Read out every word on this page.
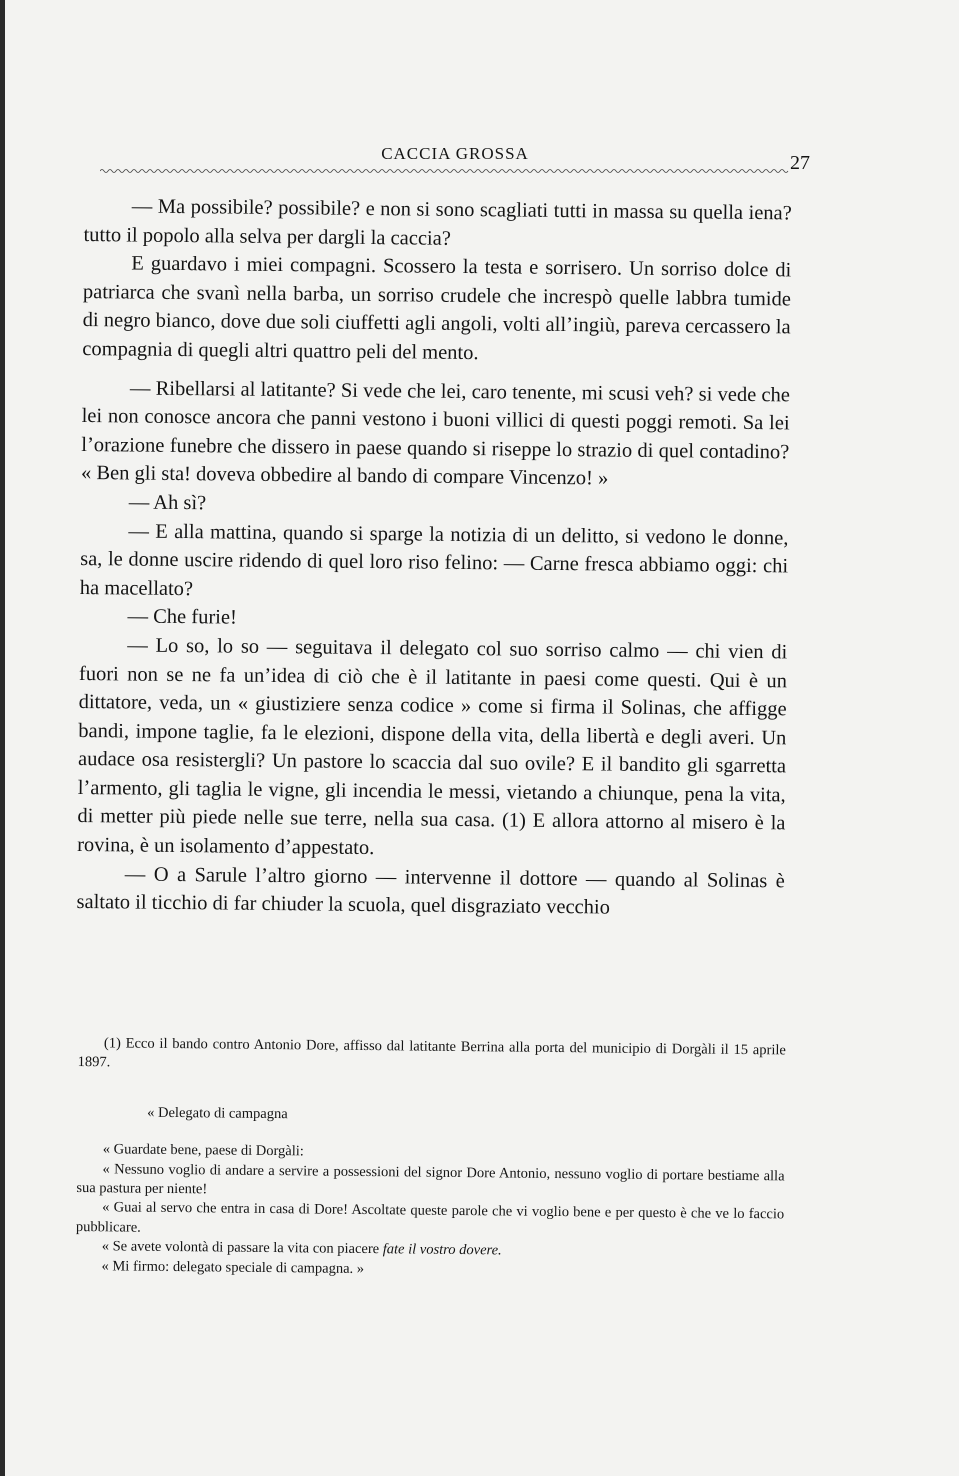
CACCIA GROSSA	27

— Ma possibile? possibile? e non si sono scagliati tutti in massa su quella iena? tutto il popolo alla selva per dargli la caccia?

E guardavo i miei compagni. Scossero la testa e sorrisero. Un sorriso dolce di patriarca che svanì nella barba, un sorriso crudele che increspò quelle labbra tumide di negro bianco, dove due soli ciuffetti agli angoli, volti all’ingiù, pareva cercassero la compagnia di quegli altri quattro peli del mento.

— Ribellarsi al latitante? Si vede che lei, caro tenente, mi scusi veh? si vede che lei non conosce ancora che panni vestono i buoni villici di questi poggi remoti. Sa lei l’orazione funebre che dissero in paese quando si riseppe lo strazio di quel contadino? « Ben gli sta! doveva obbedire al bando di compare Vincenzo! »

— Ah sì?

— E alla mattina, quando si sparge la notizia di un delitto, si vedono le donne, sa, le donne uscire ridendo di quel loro riso felino: — Carne fresca abbiamo oggi: chi ha macellato?

— Che furie!

— Lo so, lo so — seguitava il delegato col suo sorriso calmo — chi vien di fuori non se ne fa un’idea di ciò che è il latitante in paesi come questi. Qui è un dittatore, veda, un « giustiziere senza codice » come si firma il Solinas, che affigge bandi, impone taglie, fa le elezioni, dispone della vita, della libertà e degli averi. Un audace osa resistergli? Un pastore lo scaccia dal suo ovile? E il bandito gli sgarretta l’armento, gli taglia le vigne, gli incendia le messi, vietando a chiunque, pena la vita, di metter più piede nelle sue terre, nella sua casa. (1) E allora attorno al misero è la rovina, è un isolamento d’appestato.

— O a Sarule l’altro giorno — intervenne il dottore — quando al Solinas è saltato il ticchio di far chiuder la scuola, quel disgraziato vecchio

(1) Ecco il bando contro Antonio Dore, affisso dal latitante Berrina alla porta del municipio di Dorgàli il 15 aprile 1897.

« Delegato di campagna

« Guardate bene, paese di Dorgàli:

« Nessuno voglio di andare a servire a possessioni del signor Dore Antonio, nessuno voglio di portare bestiame alla sua pastura per niente!

« Guai al servo che entra in casa di Dore! Ascoltate queste parole che vi voglio bene e per questo è che ve lo faccio pubblicare.

« Se avete volontà di passare la vita con piacere fate il vostro dovere.

« Mi firmo: delegato speciale di campagna. »
